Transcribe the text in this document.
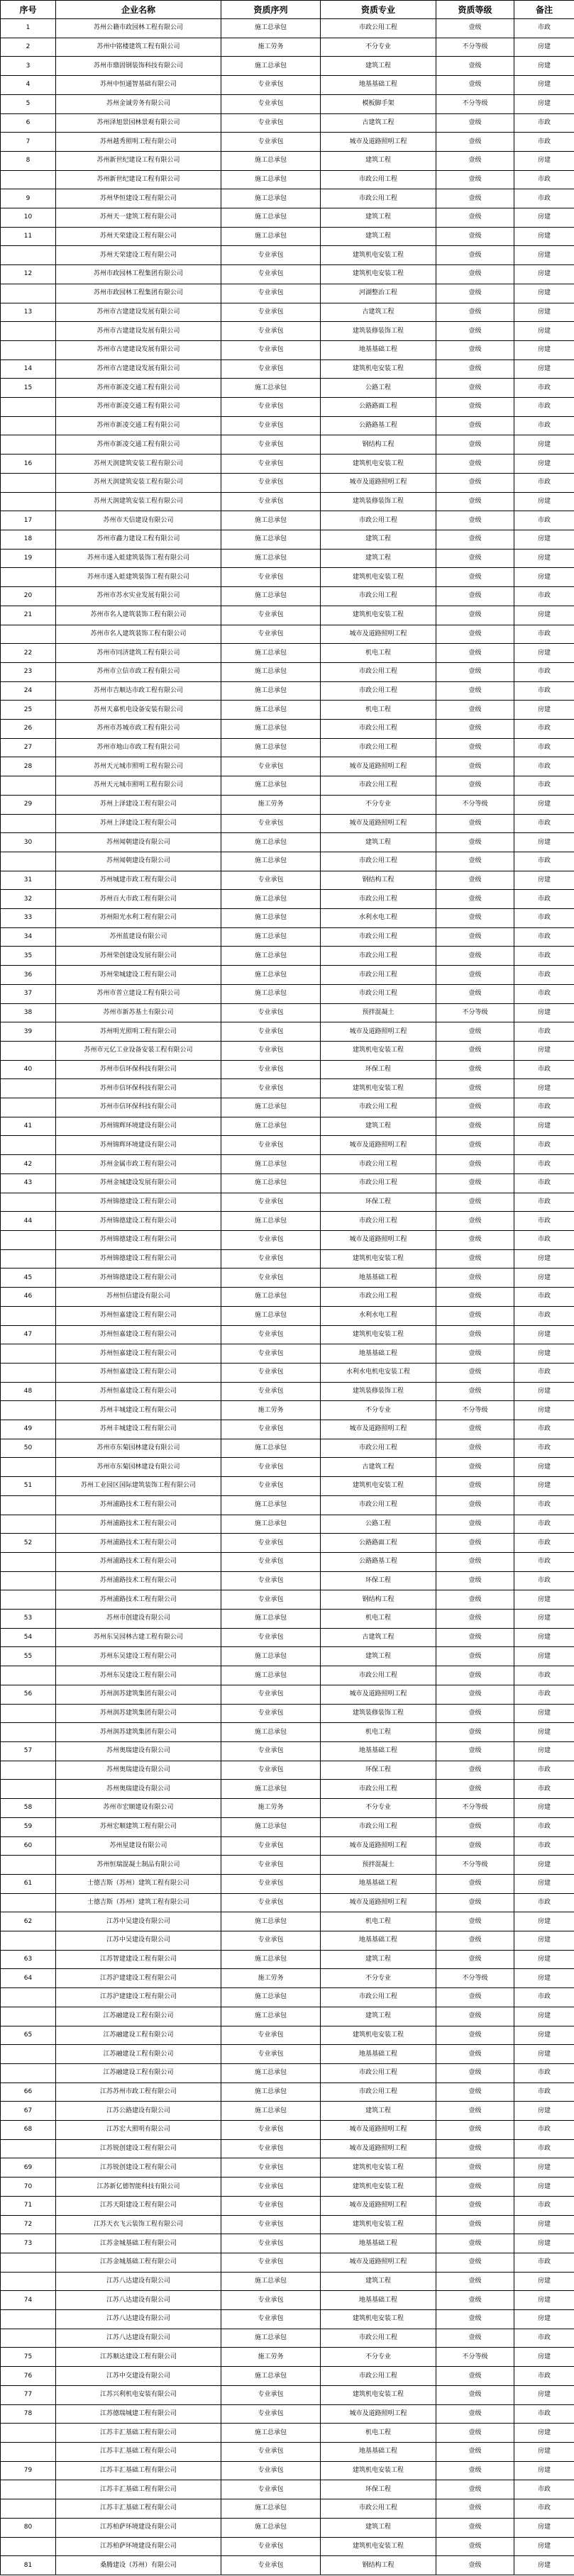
序号	企业名称	资质序列	资质专业	资质等级	备注
1	苏州公籍市政园林工程有限公司	施工总承包	市政公用工程	壹级	市政
2	苏州中铭楼建筑工程有限公司	施工劳务	不分专业	不分等级	房建
3	苏州市鼎固钢装饰科技有限公司	施工总承包	建筑工程	壹级	房建
4	苏州中恒通智基础有限公司	专业承包	地基基础工程	壹级	房建
5	苏州金诚劳务有限公司	专业承包	模板脚手架	不分等级	房建
6	苏州泽旭景园林景观有限公司	专业承包	古建筑工程	壹级	市政
7	苏州越秀照明工程有限公司	专业承包	城市及道路照明工程	壹级	市政
8	苏州新世纪建设工程有限公司	施工总承包	建筑工程	壹级	房建
	苏州新世纪建设工程有限公司	施工总承包	市政公用工程	壹级	市政
9	苏州华恒建设工程有限公司	施工总承包	市政公用工程	壹级	市政
10	苏州天一建筑工程有限公司	施工总承包	建筑工程	壹级	房建
11	苏州天荣建设工程有限公司	施工总承包	建筑工程	壹级	房建
	苏州天荣建设工程有限公司	专业承包	建筑机电安装工程	壹级	房建
12	苏州市政园林工程集团有限公司	专业承包	建筑机电安装工程	壹级	房建
	苏州市政园林工程集团有限公司	专业承包	河湖整治工程	壹级	房建
13	苏州市古建建设发展有限公司	专业承包	古建筑工程	壹级	房建
	苏州市古建建设发展有限公司	专业承包	建筑装修装饰工程	壹级	房建
	苏州市古建建设发展有限公司	专业承包	地基基础工程	壹级	房建
14	苏州市古建建设发展有限公司	专业承包	建筑机电安装工程	壹级	房建
15	苏州市新凌交通工程有限公司	施工总承包	公路工程	壹级	市政
	苏州市新凌交通工程有限公司	专业承包	公路路面工程	壹级	市政
	苏州市新凌交通工程有限公司	专业承包	公路路基工程	壹级	市政
	苏州市新凌交通工程有限公司	专业承包	钢结构工程	壹级	房建
16	苏州天润建筑安装工程有限公司	专业承包	建筑机电安装工程	壹级	房建
	苏州天润建筑安装工程有限公司	专业承包	城市及道路照明工程	壹级	市政
	苏州天润建筑安装工程有限公司	专业承包	建筑装修装饰工程	壹级	房建
17	苏州市天信建设有限公司	施工总承包	市政公用工程	壹级	市政
18	苏州市鑫力建设工程有限公司	施工总承包	建筑工程	壹级	房建
19	苏州市遂入蛙建筑装饰工程有限公司	施工总承包	建筑工程	壹级	房建
	苏州市遂入蛙建筑装饰工程有限公司	专业承包	建筑机电安装工程	壹级	房建
20	苏州市苏水实业发展有限公司	施工总承包	市政公用工程	壹级	市政
21	苏州市名人建筑装饰工程有限公司	专业承包	建筑机电安装工程	壹级	房建
	苏州市名人建筑装饰工程有限公司	专业承包	城市及道路照明工程	壹级	市政
22	苏州市同济建筑工程有限公司	施工总承包	机电工程	壹级	房建
23	苏州市立信市政工程有限公司	施工总承包	市政公用工程	壹级	市政
24	苏州市吉顺达市政工程有限公司	施工总承包	市政公用工程	壹级	市政
25	苏州天嘉机电设备安装有限公司	施工总承包	机电工程	壹级	房建
26	苏州市苏城市政工程有限公司	施工总承包	市政公用工程	壹级	市政
27	苏州市地山市政工程有限公司	施工总承包	市政公用工程	壹级	市政
28	苏州天元城市照明工程有限公司	专业承包	城市及道路照明工程	壹级	市政
	苏州天元城市照明工程有限公司	施工总承包	市政公用工程	壹级	市政
29	苏州上泽建设工程有限公司	施工劳务	不分专业	不分等级	房建
	苏州上泽建设工程有限公司	专业承包	城市及道路照明工程	壹级	市政
30	苏州闻朝建设有限公司	施工总承包	建筑工程	壹级	房建
	苏州闻朝建设有限公司	施工总承包	市政公用工程	壹级	市政
31	苏州城建市政工程有限公司	专业承包	钢结构工程	壹级	房建
32	苏州百大市政工程有限公司	施工总承包	市政公用工程	壹级	市政
33	苏州阳光水利工程有限公司	施工总承包	水利水电工程	壹级	市政
34	苏州蓝建设有限公司	施工总承包	市政公用工程	壹级	市政
35	苏州荣创建设发展有限公司	施工总承包	市政公用工程	壹级	市政
36	苏州荣城建设工程有限公司	施工总承包	市政公用工程	壹级	市政
37	苏州市普立建设工程有限公司	施工总承包	市政公用工程	壹级	市政
38	苏州市新苏基土有限公司	专业承包	预拌混凝土	不分等级	房建
39	苏州明光照明工程有限公司	专业承包	城市及道路照明工程	壹级	市政
	苏州市元亿工业设备安装工程有限公司	专业承包	建筑机电安装工程	壹级	房建
40	苏州市信环保科技有限公司	专业承包	环保工程	壹级	市政
	苏州市信环保科技有限公司	专业承包	建筑机电安装工程	壹级	房建
	苏州市信环保科技有限公司	施工总承包	市政公用工程	壹级	市政
41	苏州锦辉环境建设有限公司	施工总承包	建筑工程	壹级	房建
	苏州锦辉环境建设有限公司	专业承包	城市及道路照明工程	壹级	市政
42	苏州金属市政工程有限公司	施工总承包	市政公用工程	壹级	市政
43	苏州金城建设发展有限公司	施工总承包	市政公用工程	壹级	市政
	苏州锦德建设工程有限公司	专业承包	环保工程	壹级	市政
44	苏州锦德建设工程有限公司	施工总承包	市政公用工程	壹级	市政
	苏州锦德建设工程有限公司	专业承包	城市及道路照明工程	壹级	市政
	苏州锦德建设工程有限公司	专业承包	建筑机电安装工程	壹级	房建
45	苏州锦德建设工程有限公司	专业承包	地基基础工程	壹级	房建
46	苏州恒信建设有限公司	施工总承包	市政公用工程	壹级	市政
	苏州恒嘉建设工程有限公司	施工总承包	水利水电工程	壹级	市政
47	苏州恒嘉建设工程有限公司	专业承包	建筑机电安装工程	壹级	房建
	苏州恒嘉建设工程有限公司	专业承包	地基基础工程	壹级	房建
	苏州恒嘉建设工程有限公司	专业承包	水利水电机电安装工程	壹级	市政
48	苏州恒嘉建设工程有限公司	专业承包	建筑装修装饰工程	壹级	房建
	苏州丰城建设工程有限公司	施工劳务	不分专业	不分等级	房建
49	苏州丰城建设工程有限公司	专业承包	城市及道路照明工程	壹级	市政
50	苏州市东菊园林建设有限公司	施工总承包	市政公用工程	壹级	市政
	苏州市东菊园林建设有限公司	专业承包	古建筑工程	壹级	房建
51	苏州工业园区国际建筑装饰工程有限公司	专业承包	建筑机电安装工程	壹级	房建
	苏州浦路技术工程有限公司	施工总承包	市政公用工程	壹级	市政
	苏州浦路技术工程有限公司	施工总承包	公路工程	壹级	市政
52	苏州浦路技术工程有限公司	专业承包	公路路面工程	壹级	市政
	苏州浦路技术工程有限公司	专业承包	公路路基工程	壹级	市政
	苏州浦路技术工程有限公司	专业承包	环保工程	壹级	市政
	苏州浦路技术工程有限公司	专业承包	钢结构工程	壹级	房建
53	苏州市创建设有限公司	施工总承包	机电工程	壹级	房建
54	苏州东吴园林古建工程有限公司	专业承包	古建筑工程	壹级	房建
55	苏州东吴建设工程有限公司	施工总承包	建筑工程	壹级	房建
	苏州东吴建设工程有限公司	施工总承包	市政公用工程	壹级	市政
56	苏州润苏建筑集团有限公司	专业承包	城市及道路照明工程	壹级	市政
	苏州润苏建筑集团有限公司	专业承包	建筑装修装饰工程	壹级	房建
	苏州润苏建筑集团有限公司	施工总承包	机电工程	壹级	房建
57	苏州奥瑞建设有限公司	专业承包	地基基础工程	壹级	房建
	苏州奥瑞建设有限公司	专业承包	环保工程	壹级	市政
	苏州奥瑞建设有限公司	施工总承包	市政公用工程	壹级	市政
58	苏州市宏顺建设有限公司	施工劳务	不分专业	不分等级	房建
59	苏州宏顺建筑工程有限公司	施工总承包	市政公用工程	壹级	市政
60	苏州星建设有限公司	专业承包	城市及道路照明工程	壹级	市政
	苏州恒瑞混凝土制品有限公司	专业承包	预拌混凝土	不分等级	房建
61	士德吉斯（苏州）建筑工程有限公司	专业承包	地基基础工程	壹级	房建
	士德吉斯（苏州）建筑工程有限公司	专业承包	城市及道路照明工程	壹级	市政
62	江苏中吴建设有限公司	施工总承包	机电工程	壹级	房建
	江苏中吴建设有限公司	专业承包	地基基础工程	壹级	房建
63	江苏智建建设工程有限公司	施工总承包	建筑工程	壹级	房建
64	江苏沪建建设工程有限公司	施工劳务	不分专业	不分等级	房建
	江苏沪建建设工程有限公司	施工总承包	市政公用工程	壹级	市政
	江苏融建设工程有限公司	施工总承包	建筑工程	壹级	房建
65	江苏融建设工程有限公司	专业承包	建筑机电安装工程	壹级	房建
	江苏融建设工程有限公司	专业承包	地基基础工程	壹级	房建
	江苏融建设工程有限公司	施工总承包	市政公用工程	壹级	市政
66	江苏苏州市政工程有限公司	施工总承包	市政公用工程	壹级	市政
67	江苏公路建设有限公司	施工总承包	建筑工程	壹级	房建
68	江苏宏大照明有限公司	专业承包	城市及道路照明工程	壹级	市政
	江苏锐创建设工程有限公司	专业承包	城市及道路照明工程	壹级	市政
69	江苏锐创建设工程有限公司	专业承包	建筑机电安装工程	壹级	房建
70	江苏新亿德智能科技有限公司	专业承包	建筑机电安装工程	壹级	房建
71	江苏天阳建设工程有限公司	专业承包	城市及道路照明工程	壹级	市政
72	江苏天衣飞云装饰工程有限公司	专业承包	建筑机电安装工程	壹级	房建
73	江苏金城基础工程有限公司	专业承包	地基基础工程	壹级	房建
	江苏金城基础工程有限公司	专业承包	城市及道路照明工程	壹级	市政
	江苏八达建设有限公司	施工总承包	建筑工程	壹级	房建
74	江苏八达建设有限公司	专业承包	地基基础工程	壹级	房建
	江苏八达建设有限公司	专业承包	建筑机电安装工程	壹级	房建
	江苏八达建设有限公司	施工总承包	市政公用工程	壹级	市政
75	江苏顺达建设工程有限公司	施工劳务	不分专业	不分等级	房建
76	江苏中交建设有限公司	施工总承包	市政公用工程	壹级	市政
77	江苏兴利机电安装有限公司	专业承包	建筑机电安装工程	壹级	房建
78	江苏德瑞城建工程有限公司	专业承包	城市及道路照明工程	壹级	市政
	江苏丰汇基础工程有限公司	施工总承包	机电工程	壹级	房建
	江苏丰汇基础工程有限公司	专业承包	地基基础工程	壹级	房建
79	江苏丰汇基础工程有限公司	专业承包	建筑机电安装工程	壹级	房建
	江苏丰汇基础工程有限公司	专业承包	环保工程	壹级	市政
	江苏丰汇基础工程有限公司	施工总承包	市政公用工程	壹级	市政
80	江苏柏萨环境建设有限公司	施工总承包	建筑工程	壹级	房建
	江苏柏萨环境建设有限公司	专业承包	建筑机电安装工程	壹级	房建
81	桑腾建设（苏州）有限公司	专业承包	钢结构工程	壹级	房建
